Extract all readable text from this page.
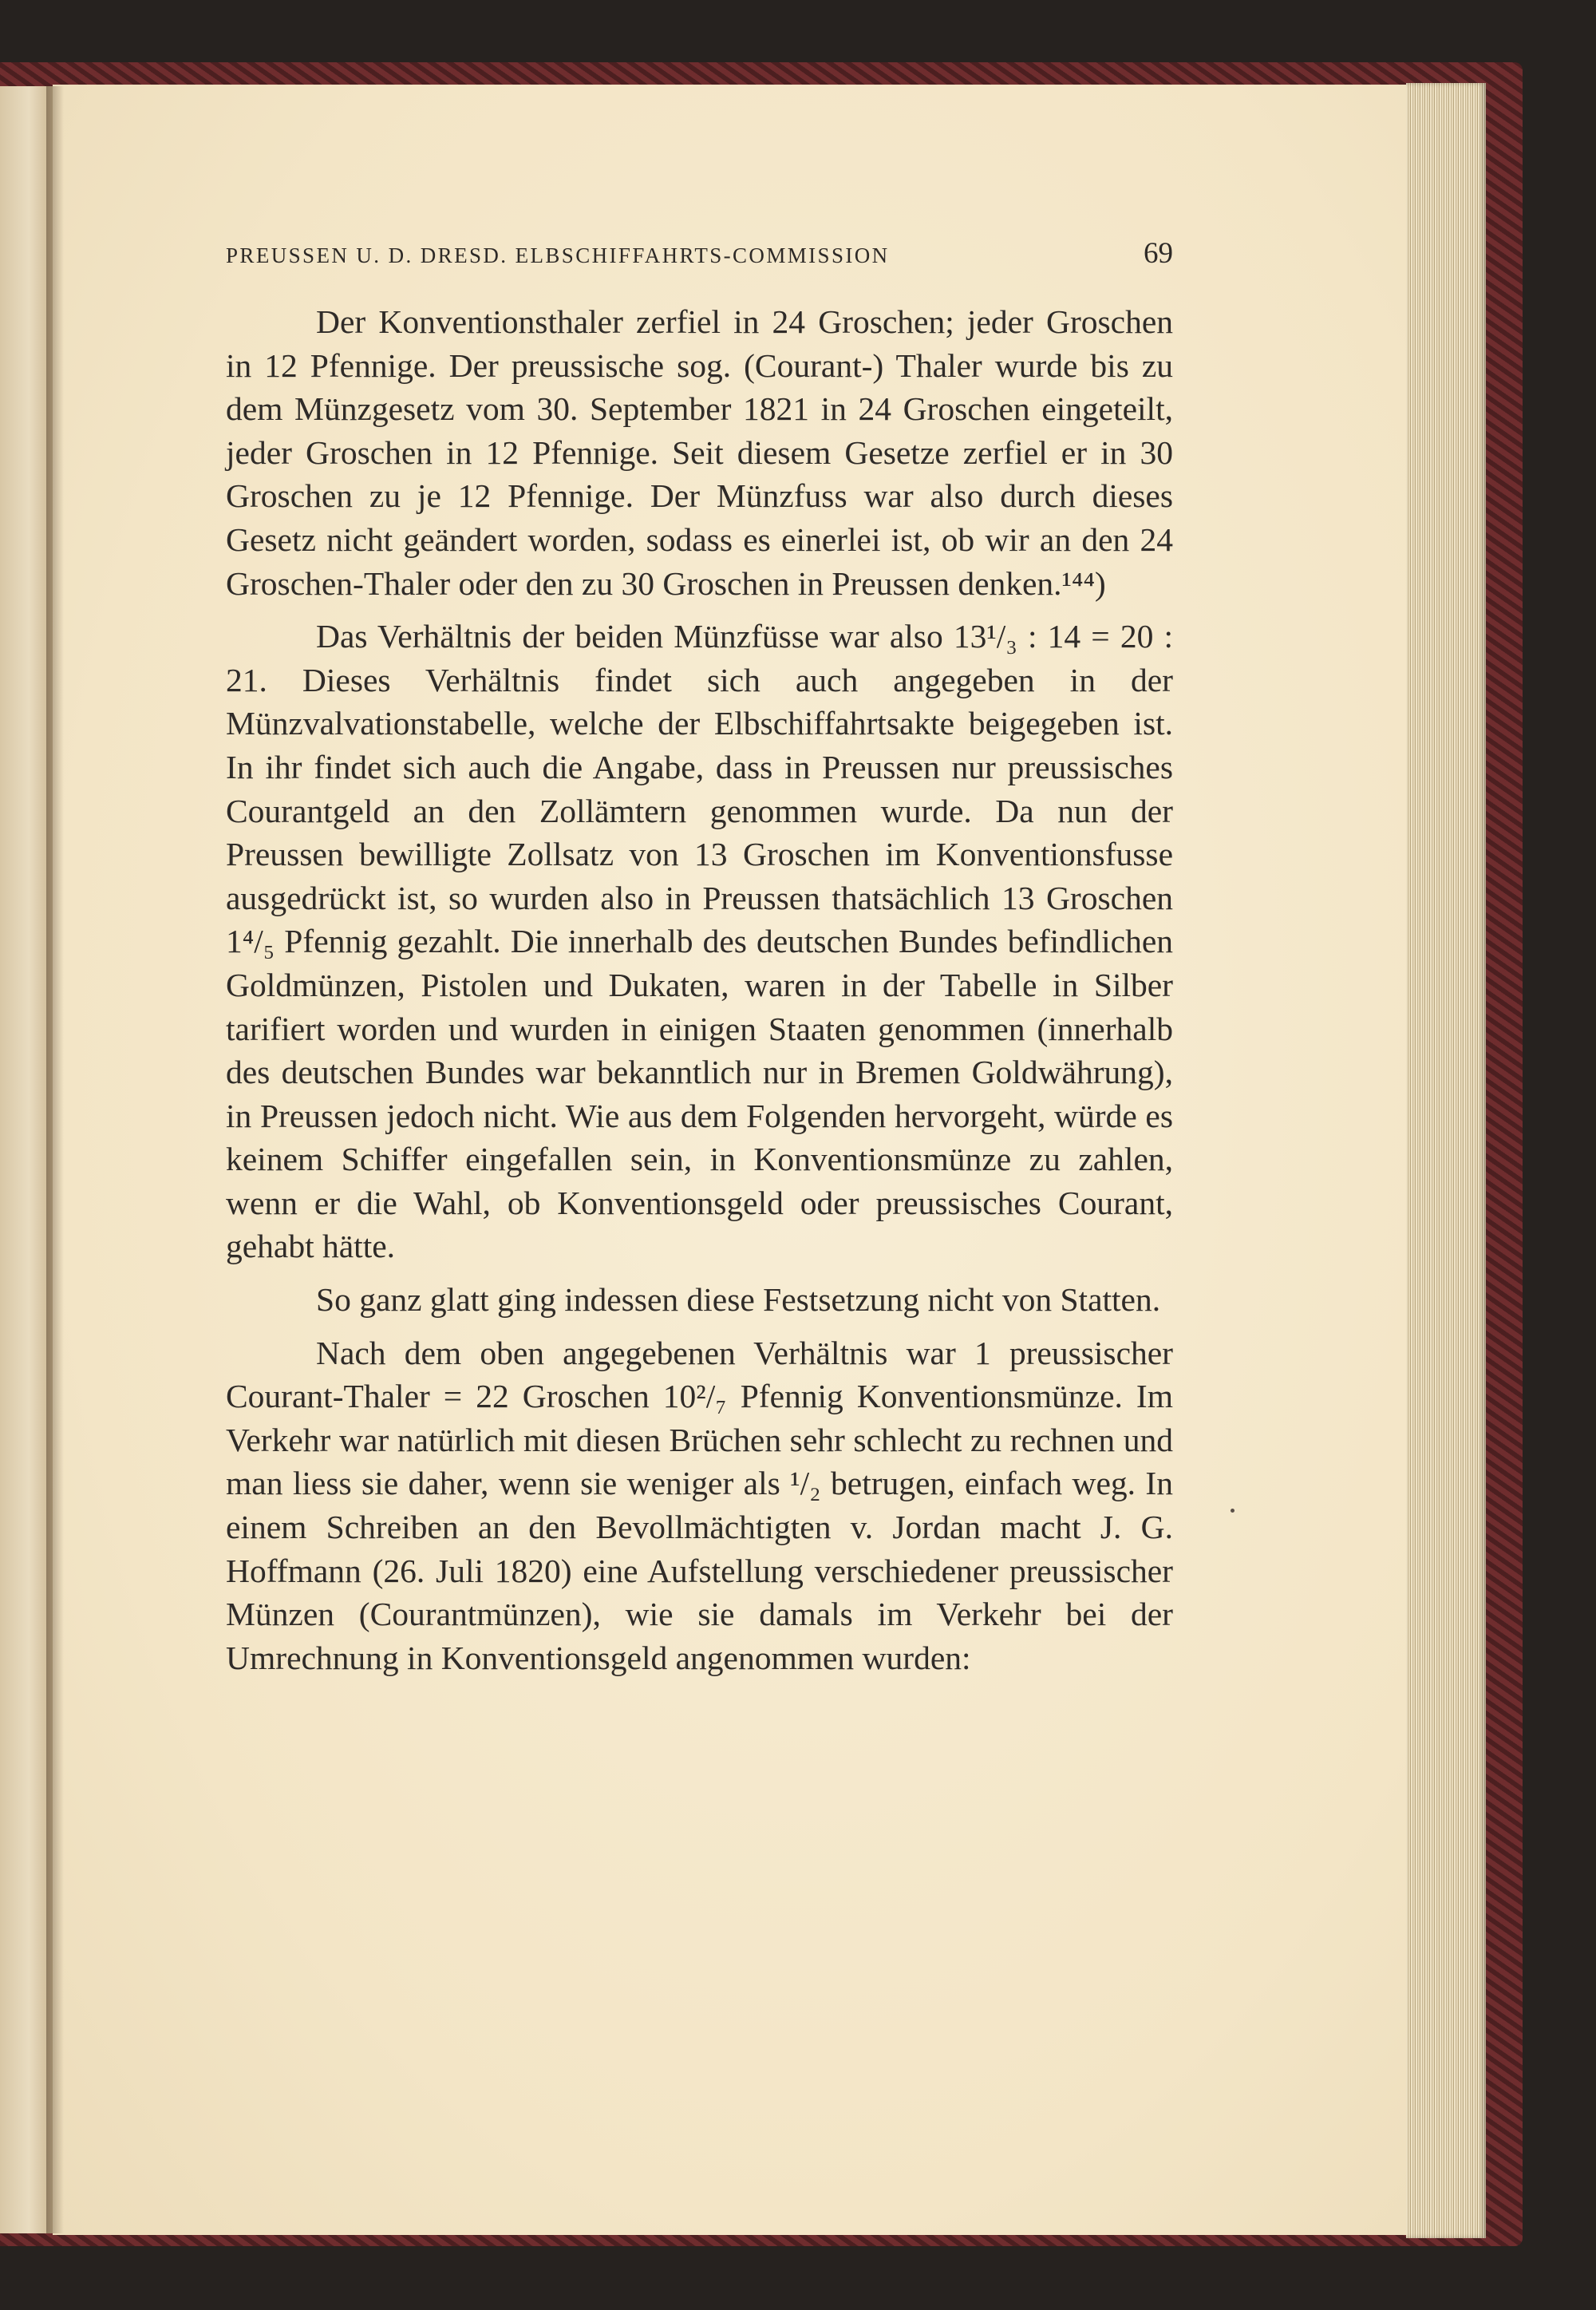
PREUSSEN U. D. DRESD. ELBSCHIFFAHRTS-COMMISSION	69

Der Konventionsthaler zerfiel in 24 Groschen; jeder Groschen in 12 Pfennige. Der preussische sog. (Courant-) Thaler wurde bis zu dem Münzgesetz vom 30. September 1821 in 24 Groschen eingeteilt, jeder Groschen in 12 Pfennige. Seit diesem Gesetze zerfiel er in 30 Groschen zu je 12 Pfennige. Der Münzfuss war also durch dieses Gesetz nicht geändert worden, sodass es einerlei ist, ob wir an den 24 Groschen-Thaler oder den zu 30 Groschen in Preussen denken.¹⁴⁴)

Das Verhältnis der beiden Münzfüsse war also 13¹/₃ : 14 = 20 : 21. Dieses Verhältnis findet sich auch angegeben in der Münzvalvationstabelle, welche der Elbschiffahrtsakte beigegeben ist. In ihr findet sich auch die Angabe, dass in Preussen nur preussisches Courantgeld an den Zollämtern genommen wurde. Da nun der Preussen bewilligte Zollsatz von 13 Groschen im Konventionsfusse ausgedrückt ist, so wurden also in Preussen thatsächlich 13 Groschen 1⁴/₅ Pfennig gezahlt. Die innerhalb des deutschen Bundes befindlichen Goldmünzen, Pistolen und Dukaten, waren in der Tabelle in Silber tarifiert worden und wurden in einigen Staaten genommen (innerhalb des deutschen Bundes war bekanntlich nur in Bremen Goldwährung), in Preussen jedoch nicht. Wie aus dem Folgenden hervorgeht, würde es keinem Schiffer eingefallen sein, in Konventionsmünze zu zahlen, wenn er die Wahl, ob Konventionsgeld oder preussisches Courant, gehabt hätte.

So ganz glatt ging indessen diese Festsetzung nicht von Statten.

Nach dem oben angegebenen Verhältnis war 1 preussischer Courant-Thaler = 22 Groschen 10²/₇ Pfennig Konventionsmünze. Im Verkehr war natürlich mit diesen Brüchen sehr schlecht zu rechnen und man liess sie daher, wenn sie weniger als ¹/₂ betrugen, einfach weg. In einem Schreiben an den Bevollmächtigten v. Jordan macht J. G. Hoffmann (26. Juli 1820) eine Aufstellung verschiedener preussischer Münzen (Courantmünzen), wie sie damals im Verkehr bei der Umrechnung in Konventionsgeld angenommen wurden:
